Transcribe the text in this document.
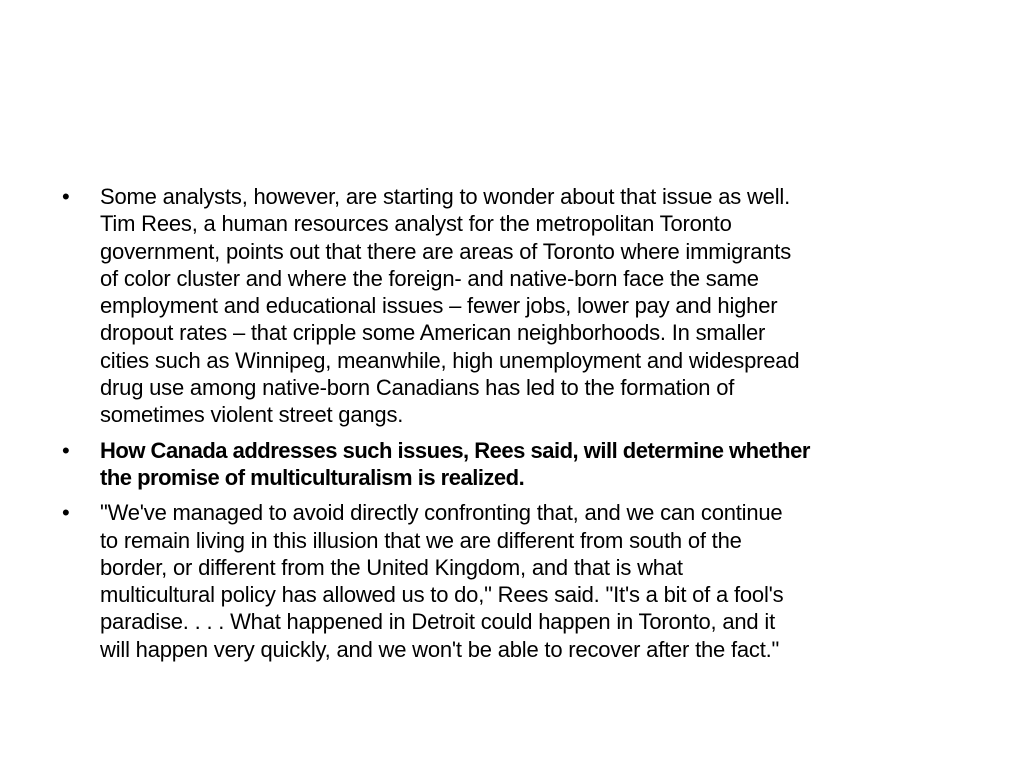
• Some analysts, however, are starting to wonder about that issue as well.
Tim Rees, a human resources analyst for the metropolitan Toronto
government, points out that there are areas of Toronto where immigrants
of color cluster and where the foreign- and native-born face the same
employment and educational issues – fewer jobs, lower pay and higher
dropout rates – that cripple some American neighborhoods. In smaller
cities such as Winnipeg, meanwhile, high unemployment and widespread
drug use among native-born Canadians has led to the formation of
sometimes violent street gangs.
• How Canada addresses such issues, Rees said, will determine whether
the promise of multiculturalism is realized.
• "We've managed to avoid directly confronting that, and we can continue
to remain living in this illusion that we are different from south of the
border, or different from the United Kingdom, and that is what
multicultural policy has allowed us to do," Rees said. "It's a bit of a fool's
paradise. . . . What happened in Detroit could happen in Toronto, and it
will happen very quickly, and we won't be able to recover after the fact."
